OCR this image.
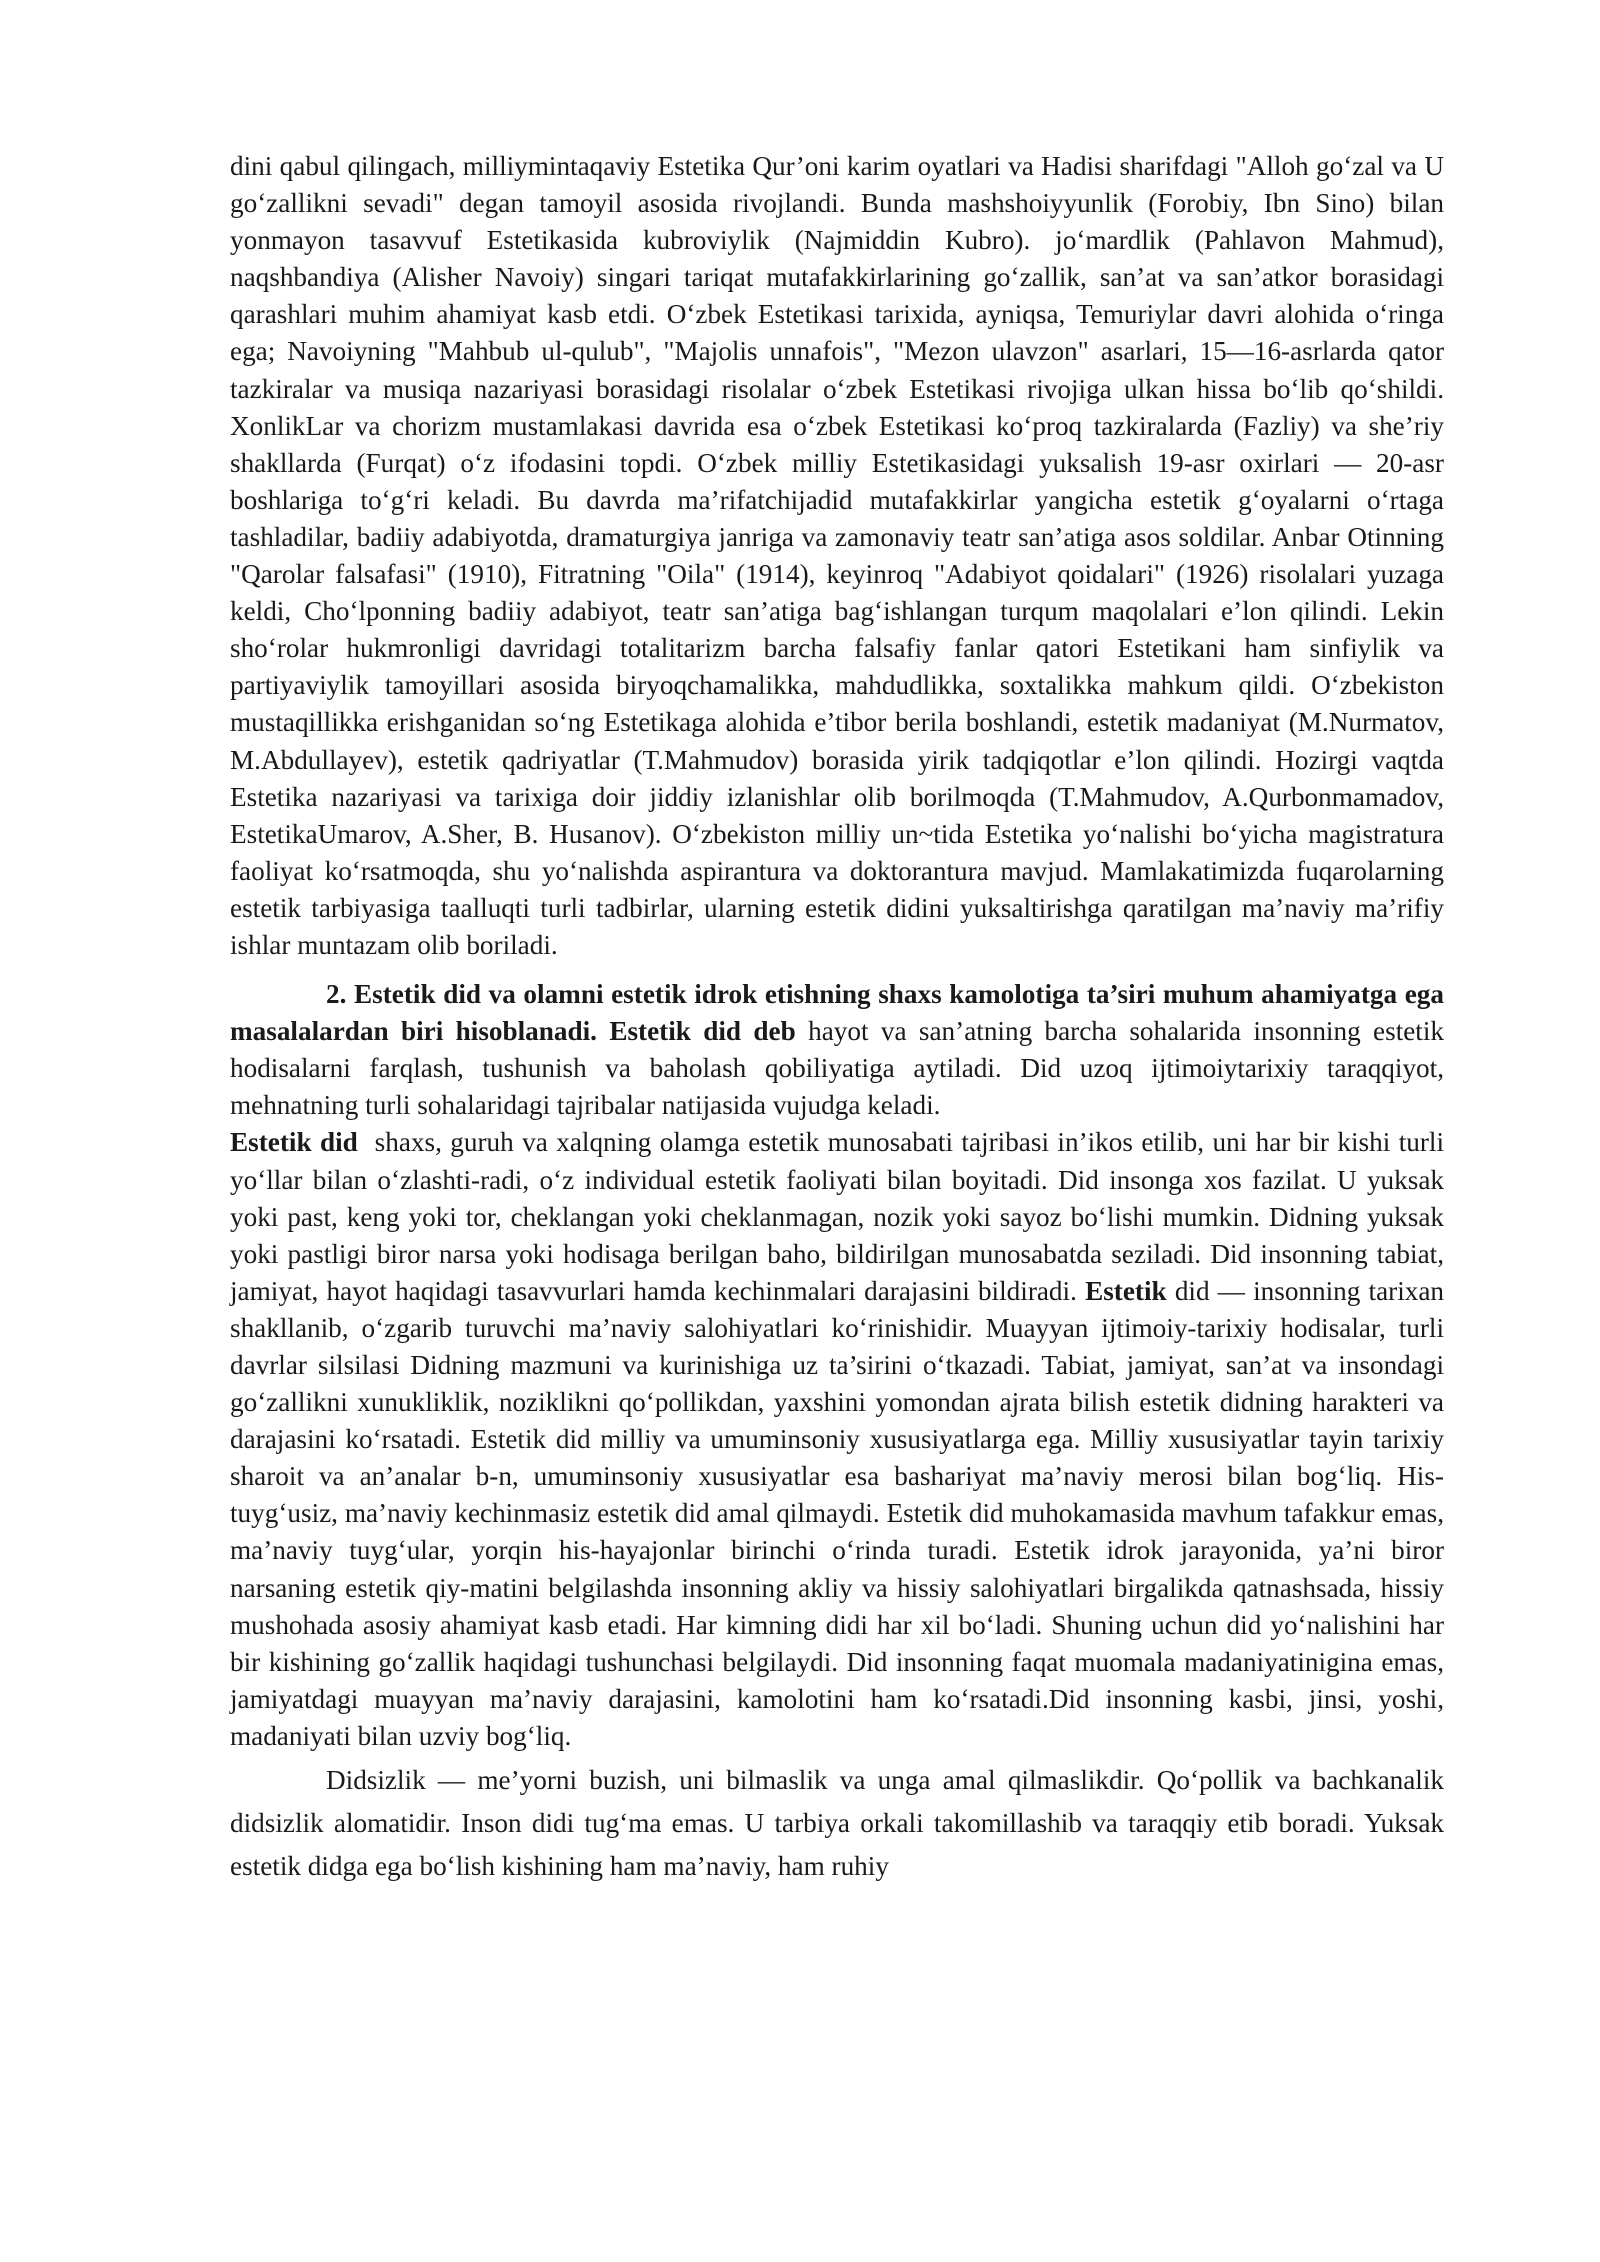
dini qabul qilingach, milliymintaqaviy Estetika Qur’oni karim oyatlari va Hadisi sharifdagi "Alloh go‘zal va U go‘zallikni sevadi" degan tamoyil asosida rivojlandi. Bunda mashshoiyyunlik (Forobiy, Ibn Sino) bilan yonmayon tasavvuf Estetikasida kubroviylik (Najmiddin Kubro). jo‘mardlik (Pahlavon Mahmud), naqshbandiya (Alisher Navoiy) singari tariqat mutafakkirlarining go‘zallik, san’at va san’atkor borasidagi qarashlari muhim ahamiyat kasb etdi. O‘zbek Estetikasi tarixida, ayniqsa, Temuriylar davri alohida o‘ringa ega; Navoiyning "Mahbub ul-qulub", "Majolis unnafois", "Mezon ulavzon" asarlari, 15—16-asrlarda qator tazkiralar va musiqa nazariyasi borasidagi risolalar o‘zbek Estetikasi rivojiga ulkan hissa bo‘lib qo‘shildi. XonlikLar va chorizm mustamlakasi davrida esa o‘zbek Estetikasi ko‘proq tazkiralarda (Fazliy) va she’riy shakllarda (Furqat) o‘z ifodasini topdi. O‘zbek milliy Estetikasidagi yuksalish 19-asr oxirlari — 20-asr boshlariga to‘g‘ri keladi. Bu davrda ma’rifatchijadid mutafakkirlar yangicha estetik g‘oyalarni o‘rtaga tashladilar, badiiy adabiyotda, dramaturgiya janriga va zamonaviy teatr san’atiga asos soldilar. Anbar Otinning "Qarolar falsafasi" (1910), Fitratning "Oila" (1914), keyinroq "Adabiyot qoidalari" (1926) risolalari yuzaga keldi, Cho‘lponning badiiy adabiyot, teatr san’atiga bag‘ishlangan turqum maqolalari e’lon qilindi. Lekin sho‘rolar hukmronligi davridagi totalitarizm barcha falsafiy fanlar qatori Estetikani ham sinfiylik va partiyaviylik tamoyillari asosida biryoqchamalikka, mahdudlikka, soxtalikka mahkum qildi. O‘zbekiston mustaqillikka erishganidan so‘ng Estetikaga alohida e’tibor berila boshlandi, estetik madaniyat (M.Nurmatov, M.Abdullayev), estetik qadriyatlar (T.Mahmudov) borasida yirik tadqiqotlar e’lon qilindi. Hozirgi vaqtda Estetika nazariyasi va tarixiga doir jiddiy izlanishlar olib borilmoqda (T.Mahmudov, A.Qurbonmamadov, EstetikaUmarov, A.Sher, B. Husanov). O‘zbekiston milliy un~tida Estetika yo‘nalishi bo‘yicha magistratura faoliyat ko‘rsatmoqda, shu yo‘nalishda aspirantura va doktorantura mavjud. Mamlakatimizda fuqarolarning estetik tarbiyasiga taalluqti turli tadbirlar, ularning estetik didini yuksaltirishga qaratilgan ma’naviy ma’rifiy ishlar muntazam olib boriladi.

2. Estetik did va olamni estetik idrok etishning shaxs kamolotiga ta’siri muhum ahamiyatga ega masalalardan biri hisoblanadi. Estetik did deb hayot va san’atning barcha sohalarida insonning estetik hodisalarni farqlash, tushunish va baholash qobiliyatiga aytiladi. Did uzoq ijtimoiytarixiy taraqqiyot, mehnatning turli sohalaridagi tajribalar natijasida vujudga keladi.
Estetik did shaxs, guruh va xalqning olamga estetik munosabati tajribasi in’ikos etilib, uni har bir kishi turli yo‘llar bilan o‘zlashti-radi, o‘z individual estetik faoliyati bilan boyitadi. Did insonga xos fazilat. U yuksak yoki past, keng yoki tor, cheklangan yoki cheklanmagan, nozik yoki sayoz bo‘lishi mumkin. Didning yuksak yoki pastligi biror narsa yoki hodisaga berilgan baho, bildirilgan munosabatda seziladi. Did insonning tabiat, jamiyat, hayot haqidagi tasavvurlari hamda kechinmalari darajasini bildiradi. Estetik did — insonning tarixan shakllanib, o‘zgarib turuvchi ma’naviy salohiyatlari ko‘rinishidir. Muayyan ijtimoiy-tarixiy hodisalar, turli davrlar silsilasi Didning mazmuni va kurinishiga uz ta’sirini o‘tkazadi. Tabiat, jamiyat, san’at va insondagi go‘zallikni xunukliklik, noziklikni qo‘pollikdan, yaxshini yomondan ajrata bilish estetik didning harakteri va darajasini ko‘rsatadi. Estetik did milliy va umuminsoniy xususiyatlarga ega. Milliy xususiyatlar tayin tarixiy sharoit va an’analar b-n, umuminsoniy xususiyatlar esa bashariyat ma’naviy merosi bilan bog‘liq. His-tuyg‘usiz, ma’naviy kechinmasiz estetik did amal qilmaydi. Estetik did muhokamasida mavhum tafakkur emas, ma’naviy tuyg‘ular, yorqin his-hayajonlar birinchi o‘rinda turadi. Estetik idrok jarayonida, ya’ni biror narsaning estetik qiy-matini belgilashda insonning akliy va hissiy salohiyatlari birgalikda qatnashsada, hissiy mushohada asosiy ahamiyat kasb etadi. Har kimning didi har xil bo‘ladi. Shuning uchun did yo‘nalishini har bir kishining go‘zallik haqidagi tushunchasi belgilaydi. Did insonning faqat muomala madaniyatinigina emas, jamiyatdagi muayyan ma’naviy darajasini, kamolotini ham ko‘rsatadi.Did insonning kasbi, jinsi, yoshi, madaniyati bilan uzviy bog‘liq.

Didsizlik — me’yorni buzish, uni bilmaslik va unga amal qilmaslikdir. Qo‘pollik va bachkanalik didsizlik alomatidir. Inson didi tug‘ma emas. U tarbiya orkali takomillashib va taraqqiy etib boradi. Yuksak estetik didga ega bo‘lish kishining ham ma’naviy, ham ruhiy
